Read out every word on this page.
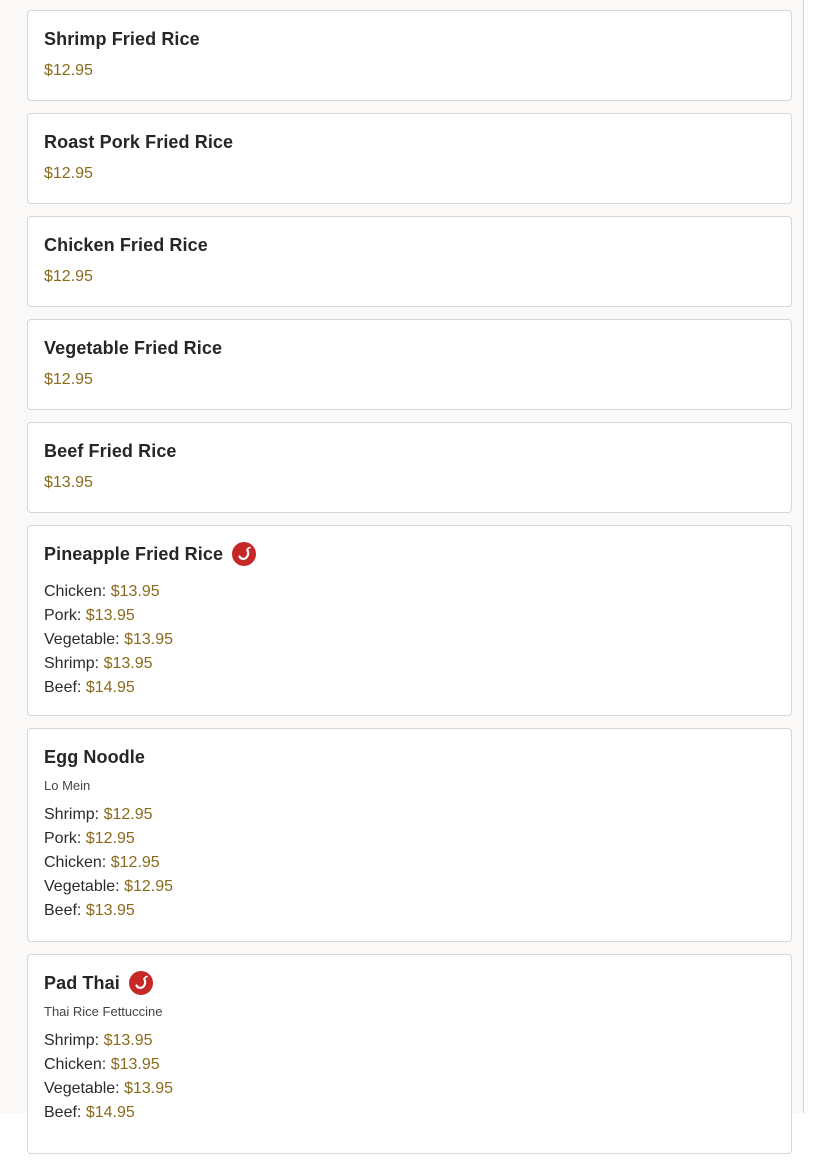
Shrimp Fried Rice
$12.95
Roast Pork Fried Rice
$12.95
Chicken Fried Rice
$12.95
Vegetable Fried Rice
$12.95
Beef Fried Rice
$13.95
Pineapple Fried Rice
Chicken: $13.95
Pork: $13.95
Vegetable: $13.95
Shrimp: $13.95
Beef: $14.95
Egg Noodle
Lo Mein
Shrimp: $12.95
Pork: $12.95
Chicken: $12.95
Vegetable: $12.95
Beef: $13.95
Pad Thai
Thai Rice Fettuccine
Shrimp: $13.95
Chicken: $13.95
Vegetable: $13.95
Beef: $14.95
